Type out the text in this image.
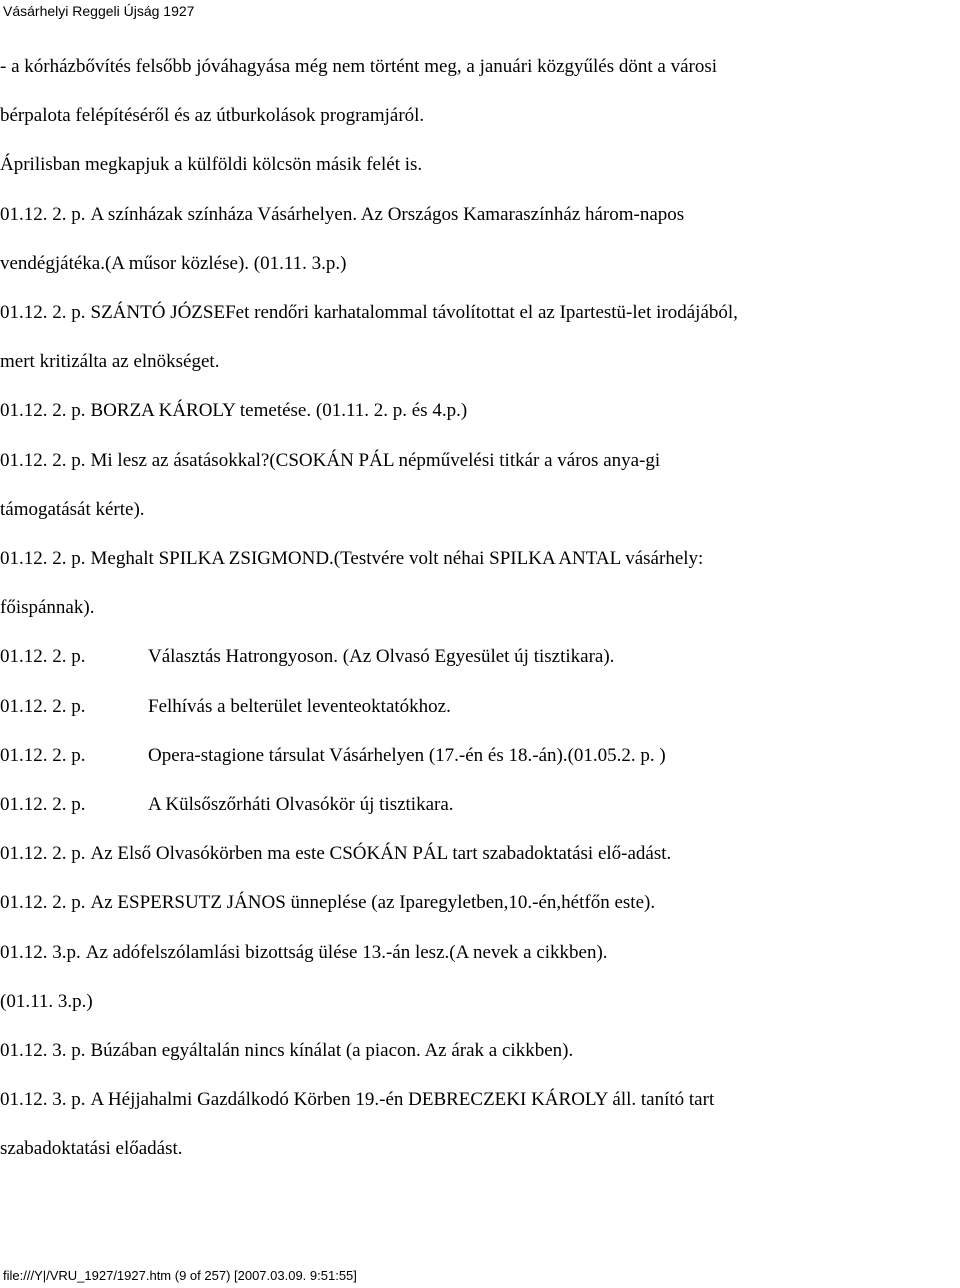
Vásárhelyi Reggeli Újság 1927

- a kórházbővítés felsőbb jóváhagyása még nem történt meg, a januári közgyűlés dönt a városi

bérpalota felépítéséről és az útburkolások programjáról.

Áprilisban megkapjuk a külföldi kölcsön másik felét is.

01.12. 2. p. A színházak színháza Vásárhelyen. Az Országos Kamaraszínház három-napos

vendégjátéka.(A műsor közlése). (01.11. 3.p.)

01.12. 2. p. SZÁNTÓ JÓZSEFet rendőri karhatalommal távolítottat el az Ipartestü-let irodájából,

mert kritizálta az elnökséget.

01.12. 2. p. BORZA KÁROLY temetése. (01.11. 2. p. és 4.p.)

01.12. 2. p. Mi lesz az ásatásokkal?(CSOKÁN PÁL népművelési titkár a város anya-gi

támogatását kérte).

01.12. 2. p. Meghalt SPILKA ZSIGMOND.(Testvére volt néhai SPILKA ANTAL vásárhely:

főispánnak).

01.12. 2. p.	Választás Hatrongyoson. (Az Olvasó Egyesület új tisztikara).

01.12. 2. p.	Felhívás a belterület leventeoktatókhoz.

01.12. 2. p.	Opera-stagione társulat Vásárhelyen (17.-én és 18.-án).(01.05.2. p. )

01.12. 2. p.	A Külsőszőrháti Olvasókör új tisztikara.

01.12. 2. p. Az Első Olvasókörben ma este CSÓKÁN PÁL tart szabadoktatási elő-adást.

01.12. 2. p. Az ESPERSUTZ JÁNOS ünneplése (az Iparegyletben,10.-én,hétfőn este).

01.12. 3.p. Az adófelszólamlási bizottság ülése 13.-án lesz.(A nevek a cikkben).

(01.11. 3.p.)

01.12. 3. p. Búzában egyáltalán nincs kínálat (a piacon. Az árak a cikkben).

01.12. 3. p. A Héjjahalmi Gazdálkodó Körben 19.-én DEBRECZEKI KÁROLY áll. tanító tart

szabadoktatási előadást.

file:///Y|/VRU_1927/1927.htm (9 of 257) [2007.03.09. 9:51:55]
